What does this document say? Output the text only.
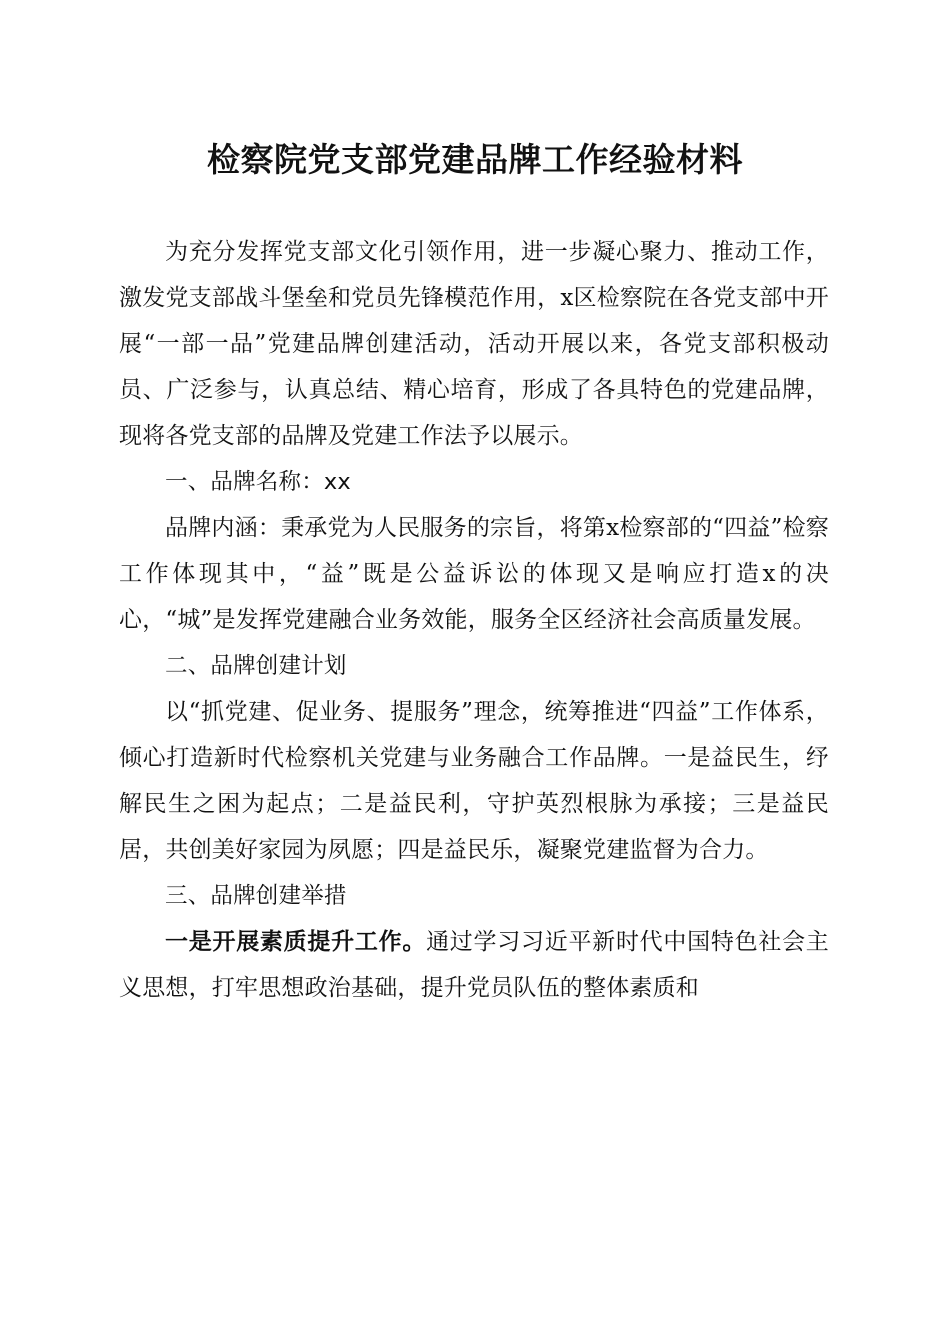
检察院党支部党建品牌工作经验材料

为充分发挥党支部文化引领作用，进一步凝心聚力、推动工作，激发党支部战斗堡垒和党员先锋模范作用，x区检察院在各党支部中开展“一部一品”党建品牌创建活动，活动开展以来，各党支部积极动员、广泛参与，认真总结、精心培育，形成了各具特色的党建品牌，现将各党支部的品牌及党建工作法予以展示。

一、品牌名称：xx

品牌内涵：秉承党为人民服务的宗旨，将第x检察部的“四益”检察工作体现其中，“益”既是公益诉讼的体现又是响应打造x的决心，“城”是发挥党建融合业务效能，服务全区经济社会高质量发展。

二、品牌创建计划

以“抓党建、促业务、提服务”理念，统筹推进“四益”工作体系，倾心打造新时代检察机关党建与业务融合工作品牌。一是益民生，纾解民生之困为起点；二是益民利，守护英烈根脉为承接；三是益民居，共创美好家园为夙愿；四是益民乐，凝聚党建监督为合力。

三、品牌创建举措

一是开展素质提升工作。通过学习习近平新时代中国特色社会主义思想，打牢思想政治基础，提升党员队伍的整体素质和
